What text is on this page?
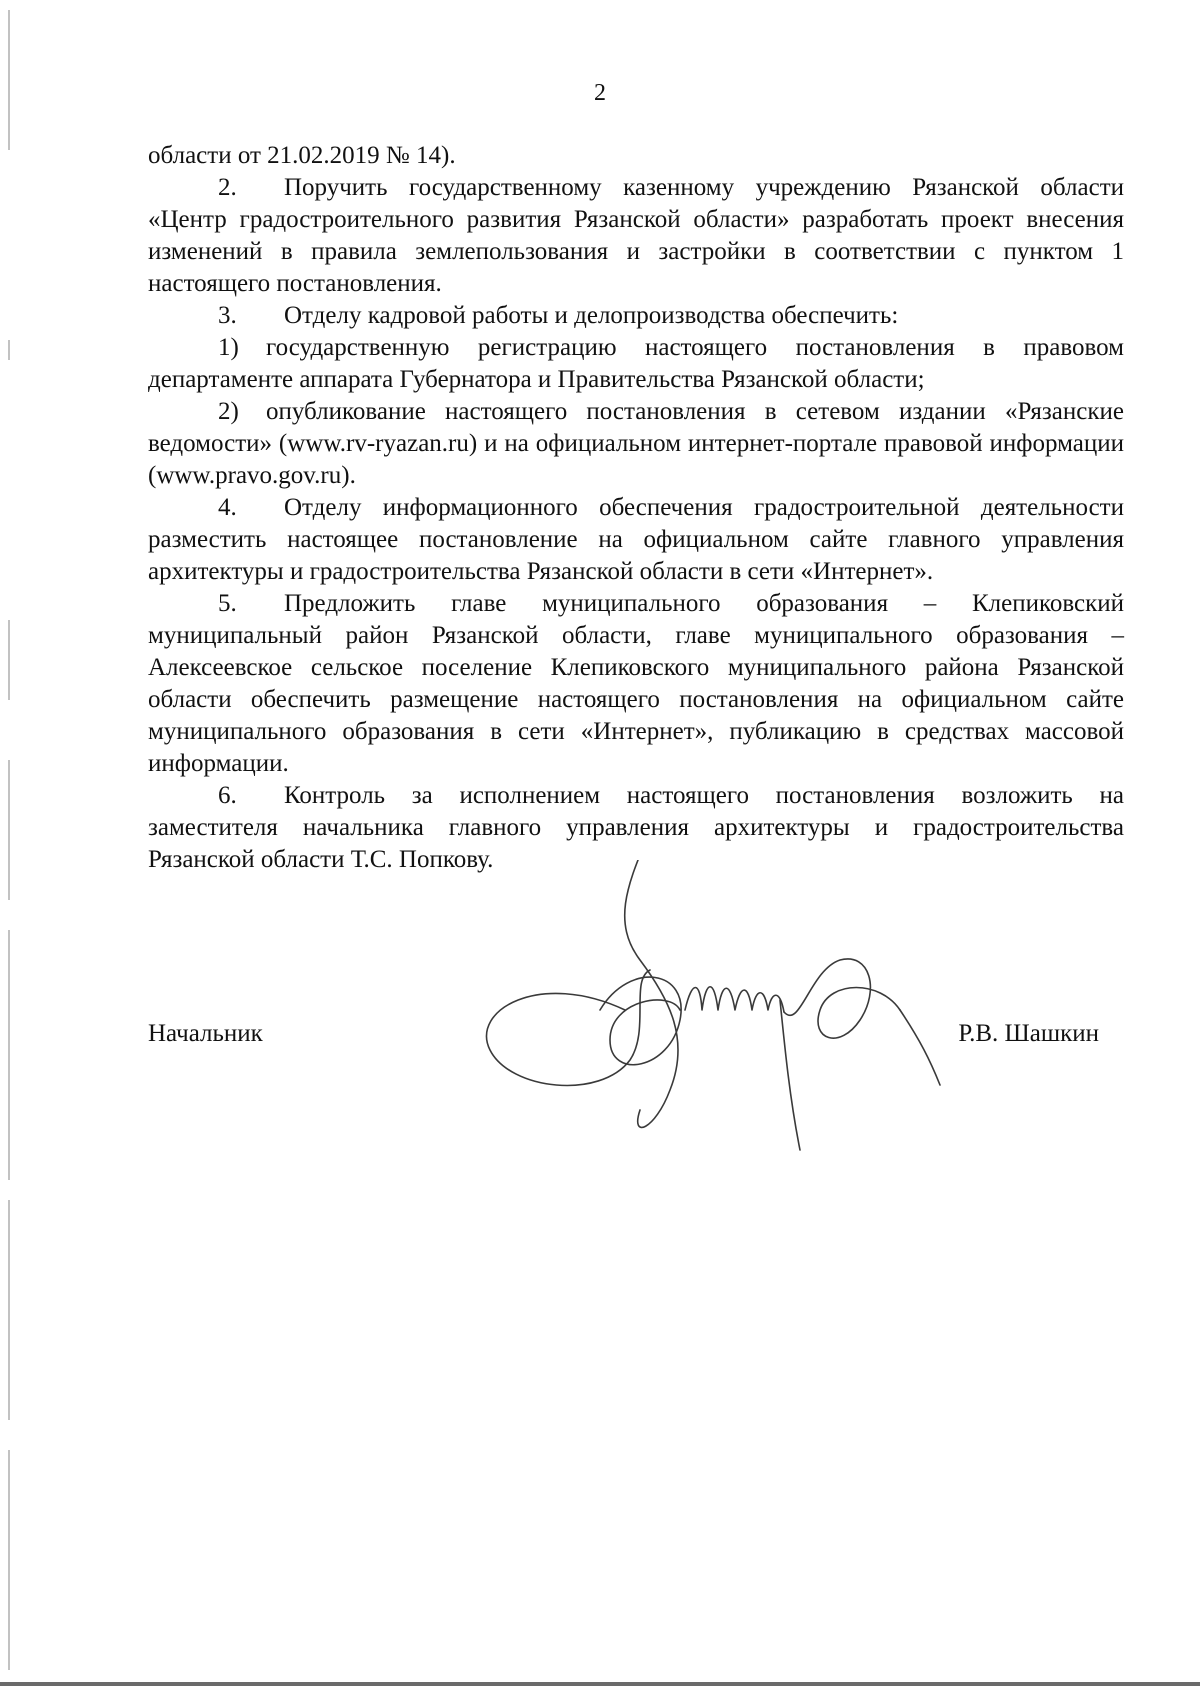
2

области от 21.02.2019 № 14).

2. Поручить государственному казенному учреждению Рязанской области «Центр градостроительного развития Рязанской области» разработать проект внесения изменений в правила землепользования и застройки в соответствии с пунктом 1 настоящего постановления.

3. Отделу кадровой работы и делопроизводства обеспечить:

1) государственную регистрацию настоящего постановления в правовом департаменте аппарата Губернатора и Правительства Рязанской области;

2) опубликование настоящего постановления в сетевом издании «Рязанские ведомости» (www.rv-ryazan.ru) и на официальном интернет-портале правовой информации (www.pravo.gov.ru).

4. Отделу информационного обеспечения градостроительной деятельности разместить настоящее постановление на официальном сайте главного управления архитектуры и градостроительства Рязанской области в сети «Интернет».

5. Предложить главе муниципального образования – Клепиковский муниципальный район Рязанской области, главе муниципального образования – Алексеевское сельское поселение Клепиковского муниципального района Рязанской области обеспечить размещение настоящего постановления на официальном сайте муниципального образования в сети «Интернет», публикацию в средствах массовой информации.

6. Контроль за исполнением настоящего постановления возложить на заместителя начальника главного управления архитектуры и градостроительства Рязанской области Т.С. Попкову.

Начальник	Р.В. Шашкин
